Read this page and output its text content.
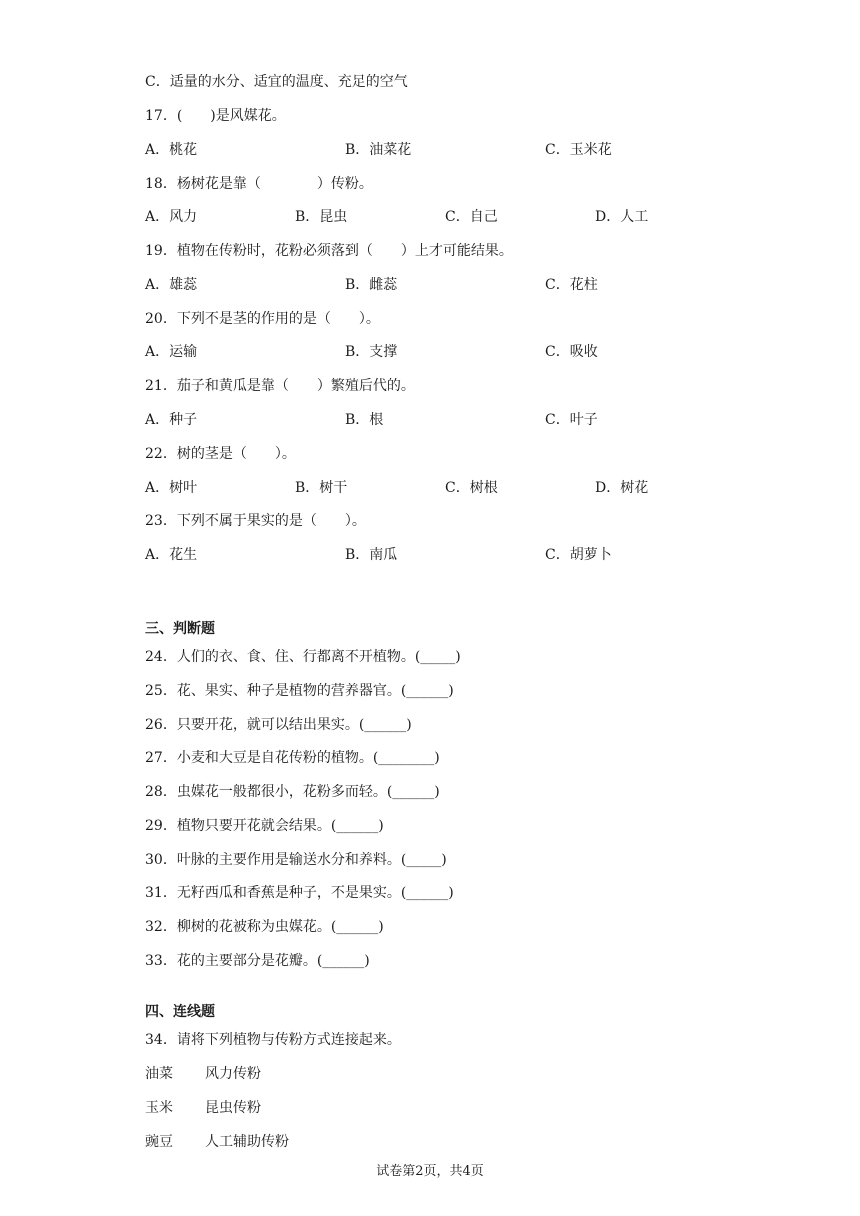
C．适量的水分、适宜的温度、充足的空气
17．(　　)是风媒花。
A．桃花	B．油菜花	C．玉米花
18．杨树花是靠（　　　　）传粉。
A．风力	B．昆虫	C．自己	D．人工
19．植物在传粉时，花粉必须落到（　　）上才可能结果。
A．雄蕊	B．雌蕊	C．花柱
20．下列不是茎的作用的是（　　）。
A．运输	B．支撑	C．吸收
21．茄子和黄瓜是靠（　　）繁殖后代的。
A．种子	B．根	C．叶子
22．树的茎是（　　）。
A．树叶	B．树干	C．树根	D．树花
23．下列不属于果实的是（　　）。
A．花生	B．南瓜	C．胡萝卜
三、判断题
24．人们的衣、食、住、行都离不开植物。(_____)
25．花、果实、种子是植物的营养器官。(______)
26．只要开花，就可以结出果实。(______)
27．小麦和大豆是自花传粉的植物。(________)
28．虫媒花一般都很小，花粉多而轻。(______)
29．植物只要开花就会结果。(______)
30．叶脉的主要作用是输送水分和养料。(_____)
31．无籽西瓜和香蕉是种子，不是果实。(______)
32．柳树的花被称为虫媒花。(______)
33．花的主要部分是花瓣。(______)
四、连线题
34．请将下列植物与传粉方式连接起来。
油菜 风力传粉
玉米 昆虫传粉
豌豆 人工辅助传粉
试卷第2页，共4页
